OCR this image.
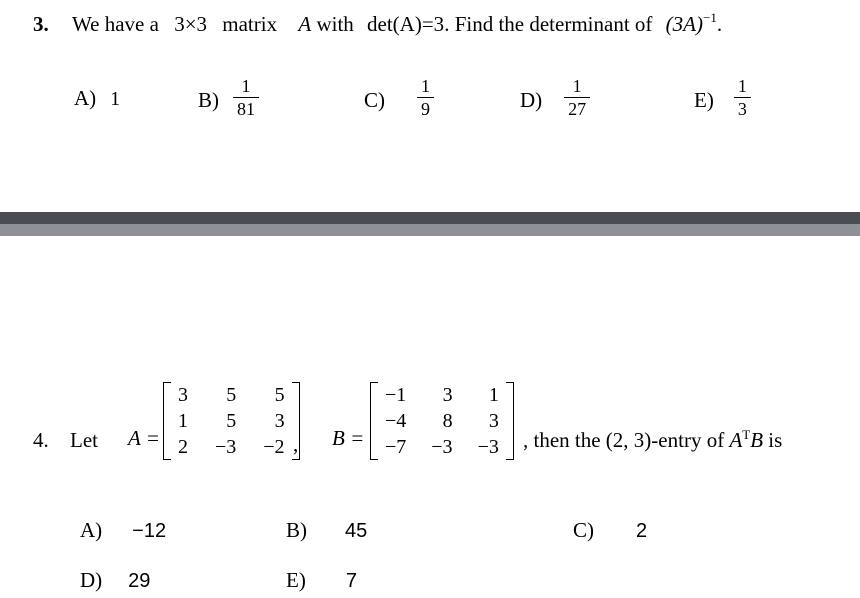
3. We have a 3×3 matrix A with det(A)=3. Find the determinant of $(3A)^{-1}$.
A) 1	$B) \frac{1}{81}$	$C) \frac{1}{9}$	$D) \frac{1}{27}$	$E) \frac{1}{3}$
4. Let A =
3	5	5
1	5	3
2	−3	−2 , B =
−1	3	1
−4	8	3
−7	−3	−3 , then the (2, 3)-entry of $A^TB$ is
A) −12	B) 45	C) 2
D) 29	E) 7
